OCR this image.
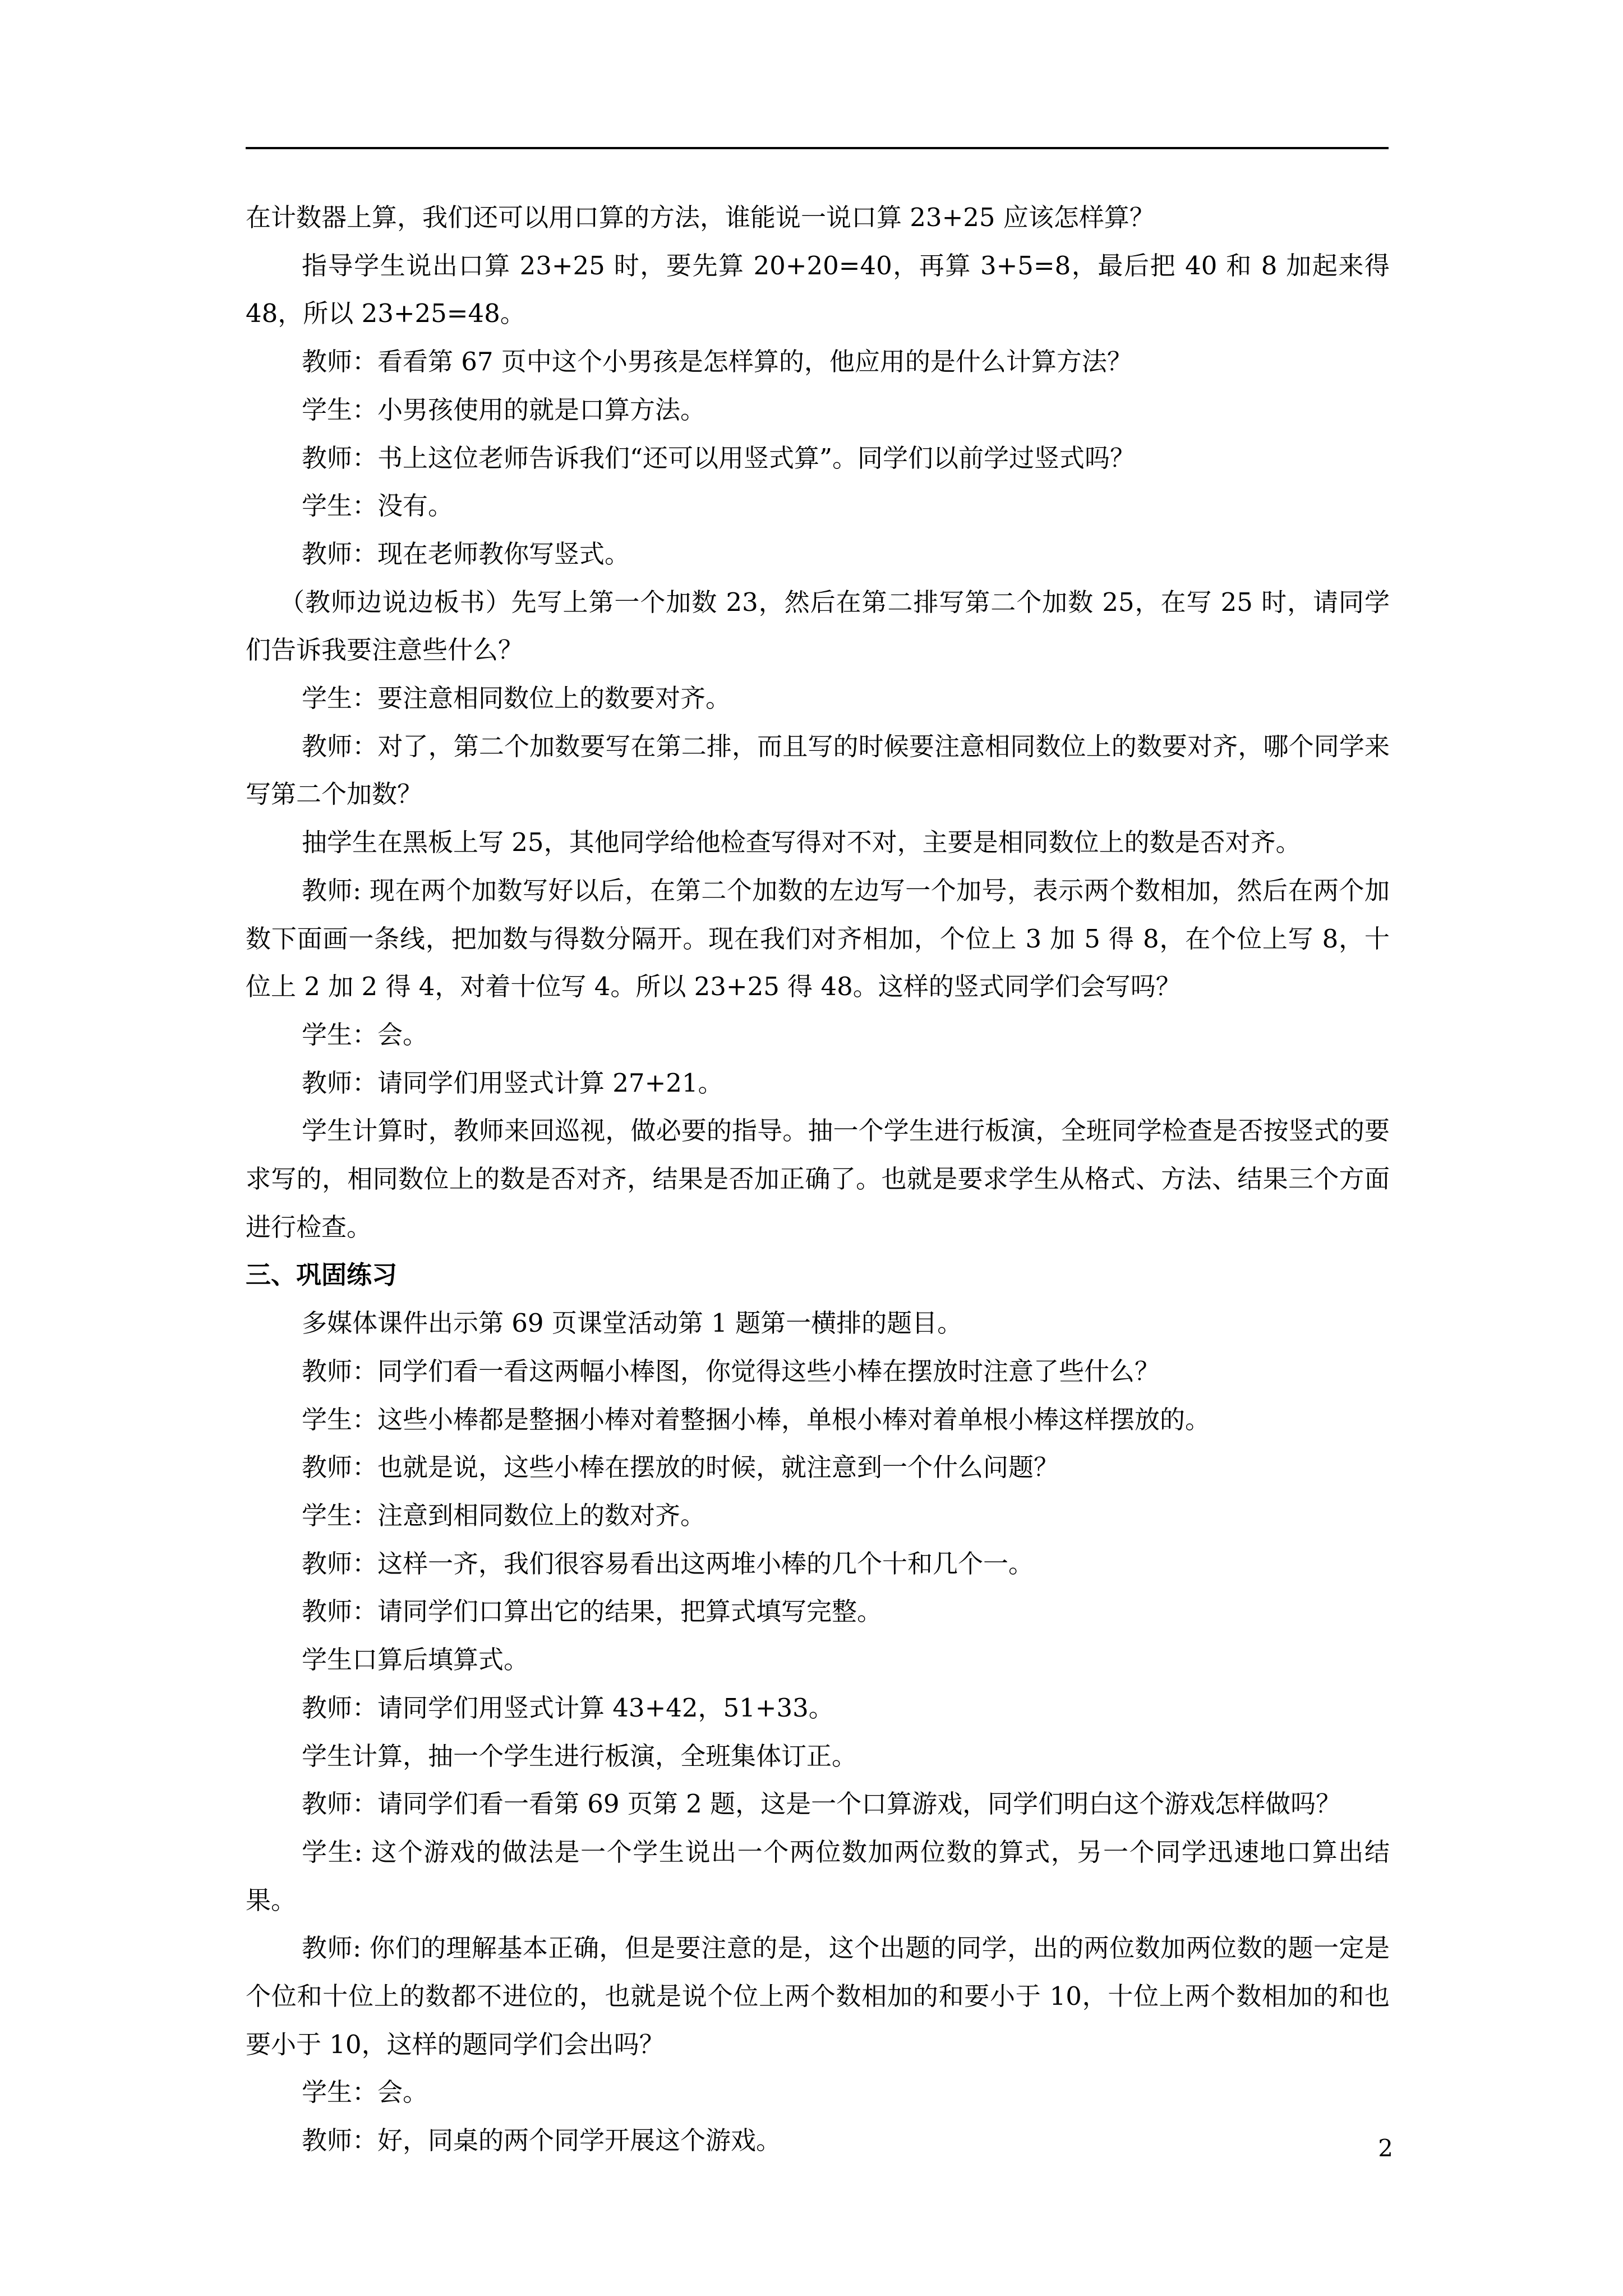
在计数器上算，我们还可以用口算的方法，谁能说一说口算 23+25 应该怎样算？

指导学生说出口算 23+25 时，要先算 20+20=40，再算 3+5=8，最后把 40 和 8 加起来得 48，所以 23+25=48。

教师：看看第 67 页中这个小男孩是怎样算的，他应用的是什么计算方法？

学生：小男孩使用的就是口算方法。

教师：书上这位老师告诉我们“还可以用竖式算”。同学们以前学过竖式吗？

学生：没有。

教师：现在老师教你写竖式。

（教师边说边板书）先写上第一个加数 23，然后在第二排写第二个加数 25，在写 25 时，请同学们告诉我要注意些什么？

学生：要注意相同数位上的数要对齐。

教师：对了，第二个加数要写在第二排，而且写的时候要注意相同数位上的数要对齐，哪个同学来写第二个加数？

抽学生在黑板上写 25，其他同学给他检查写得对不对，主要是相同数位上的数是否对齐。

教师: 现在两个加数写好以后，在第二个加数的左边写一个加号，表示两个数相加，然后在两个加数下面画一条线，把加数与得数分隔开。现在我们对齐相加，个位上 3 加 5 得 8，在个位上写 8，十位上 2 加 2 得 4，对着十位写 4。所以 23+25 得 48。这样的竖式同学们会写吗？

学生：会。

教师：请同学们用竖式计算 27+21。

学生计算时，教师来回巡视，做必要的指导。抽一个学生进行板演，全班同学检查是否按竖式的要求写的，相同数位上的数是否对齐，结果是否加正确了。也就是要求学生从格式、方法、结果三个方面进行检查。

三、巩固练习

多媒体课件出示第 69 页课堂活动第 1 题第一横排的题目。

教师：同学们看一看这两幅小棒图，你觉得这些小棒在摆放时注意了些什么？

学生：这些小棒都是整捆小棒对着整捆小棒，单根小棒对着单根小棒这样摆放的。

教师：也就是说，这些小棒在摆放的时候，就注意到一个什么问题？

学生：注意到相同数位上的数对齐。

教师：这样一齐，我们很容易看出这两堆小棒的几个十和几个一。

教师：请同学们口算出它的结果，把算式填写完整。

学生口算后填算式。

教师：请同学们用竖式计算 43+42，51+33。

学生计算，抽一个学生进行板演，全班集体订正。

教师：请同学们看一看第 69 页第 2 题，这是一个口算游戏，同学们明白这个游戏怎样做吗？

学生: 这个游戏的做法是一个学生说出一个两位数加两位数的算式，另一个同学迅速地口算出结果。

教师: 你们的理解基本正确，但是要注意的是，这个出题的同学，出的两位数加两位数的题一定是个位和十位上的数都不进位的，也就是说个位上两个数相加的和要小于 10，十位上两个数相加的和也要小于 10，这样的题同学们会出吗？

学生：会。

教师：好，同桌的两个同学开展这个游戏。	2
